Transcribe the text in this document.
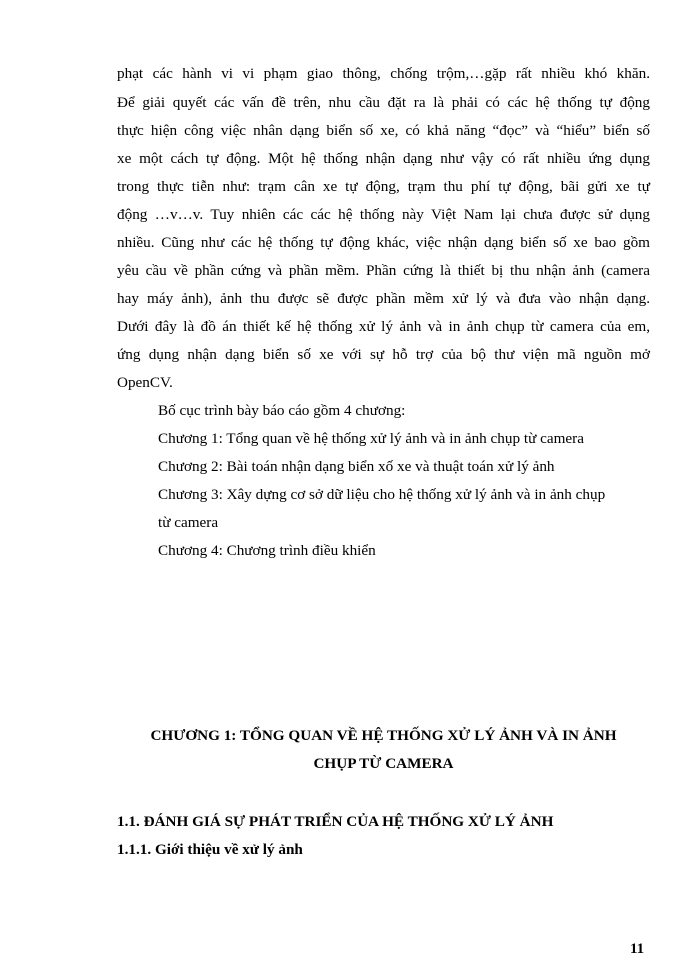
phạt các hành vi vi phạm giao thông, chống trộm,…gặp rất nhiều khó khăn.
Để giải quyết các vấn đề trên, nhu cầu đặt ra là phải có các hệ thống tự động
thực hiện công việc nhân dạng biển số xe, có khả năng “đọc” và “hiểu” biển số
xe một cách tự động. Một hệ thống nhận dạng như vậy có rất nhiều ứng dụng
trong thực tiễn như: trạm cân xe tự động, trạm thu phí tự động, bãi gửi xe tự
động …v…v. Tuy nhiên các các hệ thống này Việt Nam lại chưa được sử dụng
nhiều. Cũng như các hệ thống tự động khác, việc nhận dạng biển số xe bao gồm
yêu cầu về phần cứng và phần mềm. Phần cứng là thiết bị thu nhận ảnh (camera
hay máy ảnh), ảnh thu được sẽ được phần mềm xử lý và đưa vào nhận dạng.
Dưới đây là đồ án thiết kế hệ thống xử lý ảnh và in ảnh chụp từ camera của em,
ứng dụng nhận dạng biển số xe với sự hỗ trợ của bộ thư viện mã nguồn mở
OpenCV.
Bố cục trình bày báo cáo gồm 4 chương:
Chương 1: Tổng quan về hệ thống xử lý ảnh và in ảnh chụp từ camera
Chương 2: Bài toán nhận dạng biển xố xe và thuật toán xử lý ảnh
Chương 3: Xây dựng cơ sở dữ liệu cho hệ thống xử lý ảnh và in ảnh chụp
từ camera
Chương 4: Chương trình điều khiển
CHƯƠNG 1: TỔNG QUAN VỀ HỆ THỐNG XỬ LÝ ẢNH VÀ IN ẢNH
CHỤP TỪ CAMERA
1.1. ĐÁNH GIÁ SỰ PHÁT TRIỂN CỦA HỆ THỐNG XỬ LÝ ẢNH
1.1.1. Giới thiệu về xử lý ảnh
11
